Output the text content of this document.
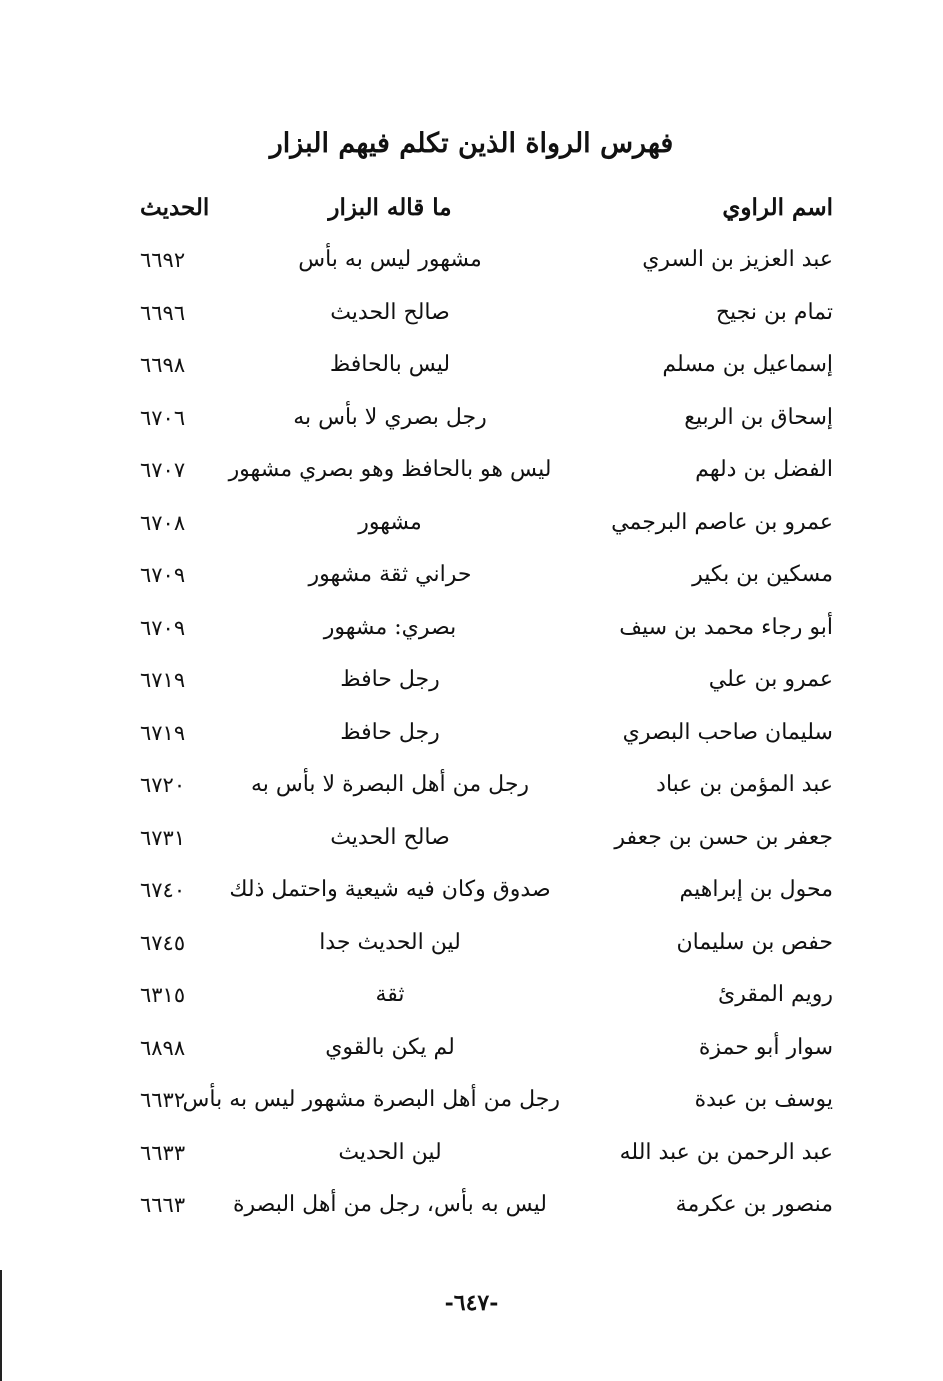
فهرس الرواة الذين تكلم فيهم البزار
اسم الراوي
ما قاله البزار
الحديث
عبد العزيز بن السري
مشهور ليس به بأس
٦٦٩٢
تمام بن نجيح
صالح الحديث
٦٦٩٦
إسماعيل بن مسلم
ليس بالحافظ
٦٦٩٨
إسحاق بن الربيع
رجل بصري لا بأس به
٦٧٠٦
الفضل بن دلهم
ليس هو بالحافظ وهو بصري مشهور
٦٧٠٧
عمرو بن عاصم البرجمي
مشهور
٦٧٠٨
مسكين بن بكير
حراني ثقة مشهور
٦٧٠٩
أبو رجاء محمد بن سيف
بصري: مشهور
٦٧٠٩
عمرو بن علي
رجل حافظ
٦٧١٩
سليمان صاحب البصري
رجل حافظ
٦٧١٩
عبد المؤمن بن عباد
رجل من أهل البصرة لا بأس به
٦٧٢٠
جعفر بن حسن بن جعفر
صالح الحديث
٦٧٣١
محول بن إبراهيم
صدوق وكان فيه شيعية واحتمل ذلك
٦٧٤٠
حفص بن سليمان
لين الحديث جدا
٦٧٤٥
رويم المقرئ
ثقة
٦٣١٥
سوار أبو حمزة
لم يكن بالقوي
٦٨٩٨
يوسف بن عبدة
رجل من أهل البصرة مشهور ليس به بأس
٦٦٣٢
عبد الرحمن بن عبد الله
لين الحديث
٦٦٣٣
منصور بن عكرمة
ليس به بأس، رجل من أهل البصرة
٦٦٦٣
-٦٤٧-
